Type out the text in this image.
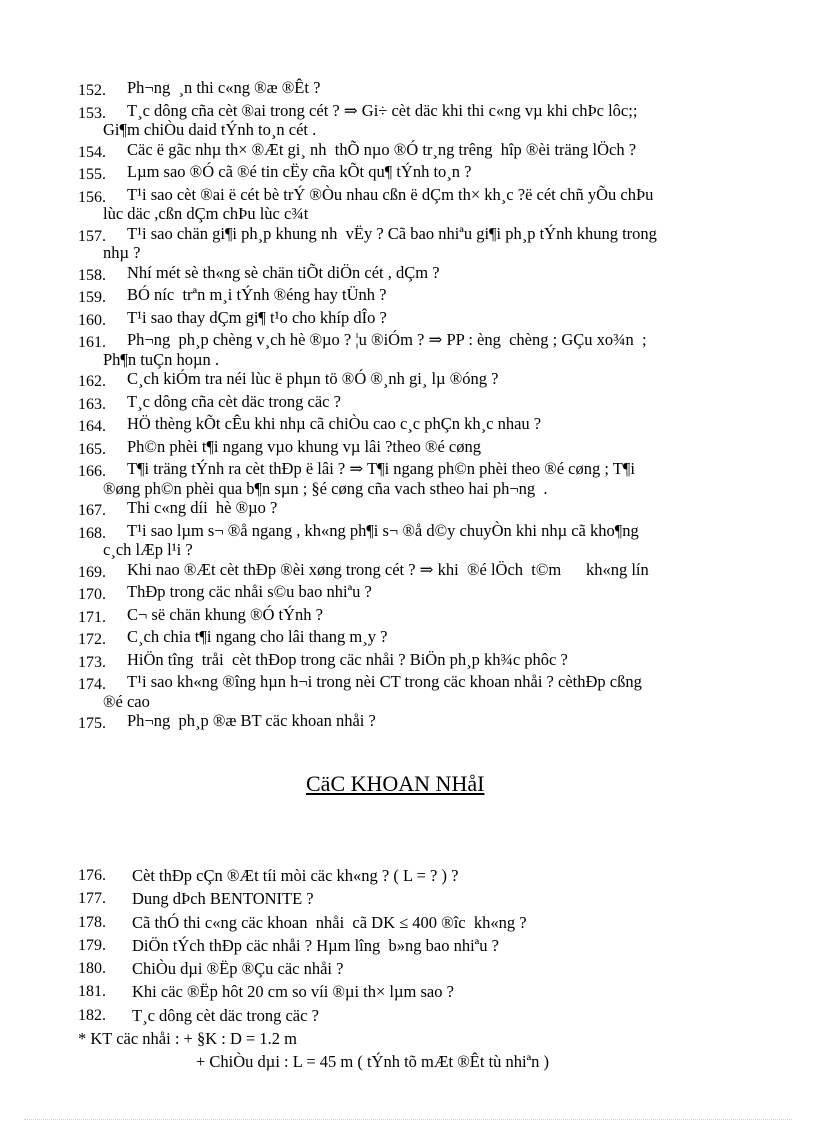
152.	Ph¬ng  ¸n thi c«ng ®æ ®Êt ?
153.	T¸c dông cña cèt ®ai trong cét ? ⇒ Gi÷ cèt däc khi thi c«ng vµ khi chÞc lôc;;
Gi¶m chiÒu daid tÝnh to¸n cét .
154.	Cäc ë gãc nhµ th× ®Æt gi¸ nh  thÕ nµo ®Ó tr¸ng trêng  hîp ®èi träng lÖch ?
155.	Lµm sao ®Ó cã ®é tin cËy cña kÕt qu¶ tÝnh to¸n ?
156.	T¹i sao cèt ®ai ë cét bè trÝ ®Òu nhau cßn ë dÇm th× kh¸c ?ë cét chñ yÕu chÞu
lùc däc ,cßn dÇm chÞu lùc c¾t
157.	T¹i sao chän gi¶i ph¸p khung nh  vËy ? Cã bao nhiªu gi¶i ph¸p tÝnh khung trong
nhµ ?
158.	Nhí mét sè th«ng sè chän tiÕt diÖn cét , dÇm ?
159.	BÓ níc  trªn m¸i tÝnh ®éng hay tÜnh ?
160.	T¹i sao thay dÇm gi¶ t¹o cho khíp dÎo ?
161.	Ph¬ng  ph¸p chèng v¸ch hè ®µo ? ¦u ®iÓm ? ⇒ PP : èng  chèng ; GÇu xo¾n  ;
Ph¶n tuÇn hoµn .
162.	C¸ch kiÓm tra néi lùc ë phµn tö ®Ó ®¸nh gi¸ lµ ®óng ?
163.	T¸c dông cña cèt däc trong cäc ?
164.	HÖ thèng kÕt cÊu khi nhµ cã chiÒu cao c¸c phÇn kh¸c nhau ?
165.	Ph©n phèi t¶i ngang vµo khung vµ lâi ?theo ®é cøng
166.	T¶i träng tÝnh ra cèt thÐp ë lâi ? ⇒ T¶i ngang ph©n phèi theo ®é cøng ; T¶i
®øng ph©n phèi qua b¶n sµn ; §é cøng cña vach stheo hai ph¬ng  .
167.	Thi c«ng díi  hè ®µo ?
168.	T¹i sao lµm s¬ ®å ngang , kh«ng ph¶i s¬ ®å d©y chuyÒn khi nhµ cã kho¶ng
c¸ch lÆp l¹i ?
169.	Khi nao ®Æt cèt thÐp ®èi xøng trong cét ? ⇒ khi  ®é lÖch  t©m      kh«ng lín
170.	ThÐp trong cäc nhåi s©u bao nhiªu ?
171.	C¬ së chän khung ®Ó tÝnh ?
172.	C¸ch chia t¶i ngang cho lâi thang m¸y ?
173.	HiÖn tîng  tråi  cèt thÐop trong cäc nhåi ? BiÖn ph¸p kh¾c phôc ?
174.	T¹i sao kh«ng ®îng hµn h¬i trong nèi CT trong cäc khoan nhåi ? cèthÐp cßng
®é cao
175.	Ph¬ng  ph¸p ®æ BT cäc khoan nhåi ?
CäC KHOAN NHåI
176.	Cèt thÐp cÇn ®Æt tíi mòi cäc kh«ng ? ( L = ? ) ?
177.	Dung dÞch BENTONITE ?
178.	Cã thÓ thi c«ng cäc khoan  nhåi  cã DK ≤ 400 ®îc  kh«ng ?
179.	DiÖn tÝch thÐp cäc nhåi ? Hµm lîng  b»ng bao nhiªu ?
180.	ChiÒu dµi ®Ëp ®Çu cäc nhåi ?
181.	Khi cäc ®Ëp hôt 20 cm so víi ®µi th× lµm sao ?
182.	T¸c dông cèt däc trong cäc ?
* KT cäc nhåi : + §K : D = 1.2 m
+ ChiÒu dµi : L = 45 m ( tÝnh tõ mÆt ®Êt tù nhiªn )
